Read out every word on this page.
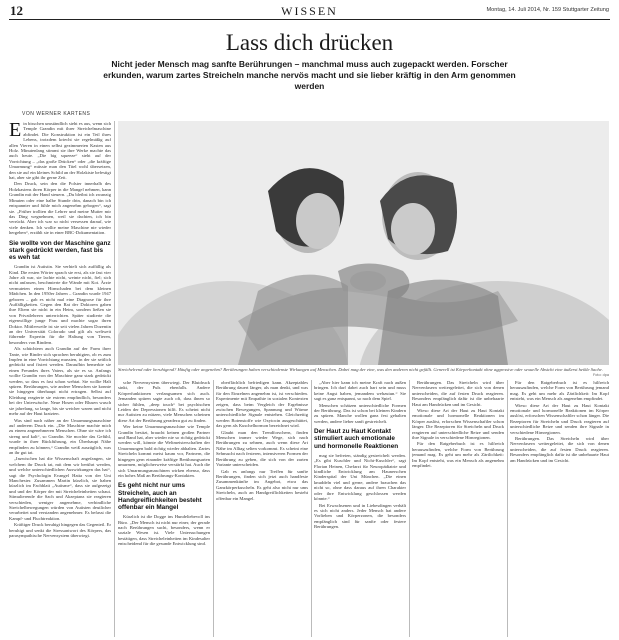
12	WISSEN	Montag, 14. Juli 2014, Nr. 159 Stuttgarter Zeitung
Lass dich drücken
Nicht jeder Mensch mag sanfte Berührungen – manchmal muss auch zugepackt werden. Forscher erkunden, warum zartes Streicheln manche nervös macht und sie lieber kräftig in den Arm genommen werden
VON WERNER KARTENS
E in bisschen umständlich sieht es aus, wenn sich Temple Grandin mit ihrer Streichelmaschine abfindet. Die Konstruktion ist ein Teil ihres Lebens, trotzdem kriecht sie regelmäßig auf allen Vieren in einen selbst gezimmerten Kasten aus Holz. Minutenlang stimmt sie ihre Werke machte das auch heute. „Die big squeeze“ steht auf der Vorrichtung – „das große Drücken“ oder „die kräftige Umarmung“ müsste man den Titel wohl übersetzen, den sie auf ein kleines Schild an der Holzkiste befestigt hat, aber sie gibt ihr gerne Zeit.

Den Druck, sein den die Polster innerhalb des Holzkastens ihren Körper in die Mangel nehmen, kann Grandin mit der Hand steuern. „Du bleibst ich zwanzig Minuten oder eine halbe Stunde drin, danach bin ich entspannter und fühle mich angenehm gebogen“, sagt sie. „Früher trollten die Lehrer und meine Mutter mir das Ding wegnehmen, weil sie dachten, ich bin verrückt. Aber ich war so nicht versessen darauf, wie viele denken. Ich wollte meine Maschine nie wieder hergeben“, erzählt sie in einer BBC-Dokumentation.

Sie wollte von der Maschine ganz stark gedrückt werden, fast bis es weh tat

Grandin ist Autistin. Sie verhielt sich auffällig als Kind. Die ersten Wörter sprach sie erst, als sie fast vier Jahre alt war, sie lachte nicht, weinte nicht, fiel; sich nicht anfassen, beschmierte die Wände mit Kot. Ärzte vermuteten einen Hirnschaden bei dem kleinen Mädchen. In den 1950er Jahren – Grandin wurde 1947 geboren – gab es nicht mal eine Diagnose für ihre Auffälligkeiten. Gegen den Rat der Doktoren gaben ihre Eltern sie nicht in ein Heim, sondern ließen sie von Privatlehrern unterrichten. Später studierte die eigenwillige junge Frau und machte sogar ihren Doktor. Mittlerweile ist sie seit vielen Jahren Dozentin an der Universität Colorado und gilt als weltweit führende Expertin für die Haltung von Tieren, besonders von Rindern.

Als schüchtern auch Grandin auf der Farm ihrer Tante, wie Rinder sich sprachen beruhigten, ob es zum Impfen in eine Vorrichtung mussten, in der sie seitlich gedrückt und fixiert werden. Daraufhin bemerkte sie einen Freundes ihres Vaters, als sie es so. Anfangs wollte Grandin von der Maschine ganz stark gedrückt werden, so dass es fast schon wehtat. Sie wollte Halt spüren. Berührungen, wie andere Menschen sie konnte sie hingegen überhaupt nicht ertragen. Selbst auf Kleidung reagierte sie extrem empfindlich, besonders bei der Unterwäsche. Neue Hosen oder Blusen wusch sie jahrelang, so lange, bis sie weicher waren und nicht mehr auf der Haut kratzten.

Was sind nach näher an der Umarmungsmaschine auf anderem Druck ein. „Die Maschine machte mich zu einem angenehmeren Menschen. Ohne sie wäre ich streng und kalt“, so Grandin. Sie mochte das Gefühl, wurde in ihrer Rückführung, ein Überhaupt Nähe empfinden zu können,“ Grandin weiß auszüglich, was an ihr gut tat.

„Inzwischen hat die Wissenschaft angefangen, sie welchem ihr Druck tat, mit dem wir berührt werden, und welche unterschiedlichen Auswirkungen das hat“, sagt die Psychologin Evangel Hatta von der Uni Manchester. Zusammen Martin kürzlich, sie haben kürzlich im Fachblatt „Autisme“, dass sie aufgezeigt und und der Körper der mit Streicheleinheiten schaut. Stimulierende die Sach und Akzeptanz sie reagieren verschieden, weniger angenehme, verbindliche Streichelbewegungen würden von Autisten deutlicher verarbeitet und verstanden angenehmer. Es befasst die Kampf- und Fluchtreaktion.

Kräftiger Druck beruhigt hingegen das Gegenteil. Er beruhigt und senkt die Stressantwort des Körpers, das parasympathische Nervensystem überwiegt.

Streichelrend oder beruhigend? Häufig oder angenehm? Berührungen haben verschiedenste Wirkungen auf Menschen. Dabei mag der eine, was den anderen nicht gefällt. Generell ist Körperkontakt ohne aggressive oder sexuelle Absicht eine äußerst heikle Sache.
Foto: dpa

sche Nervensystem überwiegt. Der Blutdruck sinkt, der Puls ebenfalls. Andere Körperfunktionen verlangsamen sich auch. Jemanden spüren sagte auch oft, dass ihnen so sicher fühlen, „deep touch“ bei psychischen Leiden der Depressionen hilft. Es scheint nicht nur Autisten zu nützen, viele Menschen scheinen diese Art der Berührung geradezu gut zu finden.

Wer keine Umarmungsmaschine wie Temple Grandin besitzt, braucht keinen großen Partner und Band hat, aber wieder nie so richtig gedrückt werden will, könnte die Weltmeisterschaften der Umarmungen bald richtig wieder abhalten. Zartes Streicheln kommt meist kaum vor, Partnern, die hingegen gern einander kräftige Berührungsarten umarmen, möglicherweise verstärkt hat. Auch die sich Umarmungsmaschinen wirken ebenso, dass ein hohes Maß an Berührungs-Kontakten.

Es geht nicht nur ums Streicheln, auch an Handgreiflichkeiten besteht offenbar ein Mangel

Kürzlich ist die Dogge ins Hundeliebevoll ins Büro. „Der Mensch ist nicht nur einer, der gerade nach Berührungen sucht, besonders, wenn er soziale Wesen ist. Viele Untersuchungen bestätigen, dass Streicheleinheiten im Kindesalter entscheidend für die gesunde Entwicklung sind.

oberflächlich befriedigen kann. Akzeptables Berührung dauert länger, als man denkt, und was für den Einzelnen angenehm ist, ist verschieden. Experimente mit Empathie in sozialen Kontexten zeigen, dass beim Vergleich der Ergebnisse zwischen Bewegungen, Spannung und Wärme unterschiedliche Signale entstehen. Gleichzeitig werden Botenstoffe wie Oxytocin ausgeschüttet, das gern als Kuschelhormon bezeichnet wird.

Glaubt man den Trendforschern, finden Menschen immer wieder Wege, sich nach Berührungen zu sehnen, auch wenn diese Art Nähe im Alltag selten vorkommt. Es scheint eine Sehnsucht nach festeren, intensiveren Formen der Berührung zu geben, die sich von der zarten Variante unterscheiden.

Gab es anfangs nur Treffen für sanfte Berührungen, finden sich jetzt auch handfeste Zusammenkünfte im Angebot, etwa das Ganzkörperkuscheln. Es geht also nicht nur ums Streicheln, auch an Handgreiflichkeiten besteht offenbar ein Mangel.

„Aber hier kann ich meine Kraft nach außen bringen. Ich darf dabei auch hart sein und muss keine Angst haben, jemandem wehzutun.“ Sie sagt es ganz entspannt, so nach dem Spiel.

Menschen schätzen unterschiedliche Formen der Berührung. Das ist schon bei kleinen Kindern zu spüren. Manche wollen ganz fest gehalten werden, andere lieber sanft gestreichelt.

Der Haut zu Haut Kontakt stimuliert auch emotionale und hormonelle Reaktionen

mag sie befreien, ständig gestreichelt werden. „Es gibt Kuschler und Nicht-Kuschler“, sagt Florian Heinen, Chefarzt für Neuropädiatrie und kindliche Entwicklung am Haunerschen Kinderspital der Uni München. „Die einen knuddeln viel und gerne, andere brauchen das nicht so, ohne dass daraus auf ihren Charakter oder ihre Entwicklung geschlossen werden könnte.“

Bei Erwachsenen und in Liebesdingen verhält es sich nicht anders. Jeder Mensch hat andere Vorlieben und Körperzonen, die besonders empfänglich sind für sanfte oder festere Berührungen.

Berührungen. Das Streicheln wird über Nervenfasern weitergeleitet, die sich von denen unterscheiden, die auf festen Druck reagieren. Besonders empfänglich dafür ist die unbehaarte Haut am Handrücken und im Gesicht.

Wieso diese Art der Haut zu Haut Kontakt emotionale und hormonelle Reaktionen im Körper auslöst, erforschen Wissenschaftler schon länger. Die Rezeptoren für Streicheln und Druck reagieren auf unterschiedliche Reize und senden ihre Signale in verschiedene Hirnregionen.

Für den Ratgeberbuch ist es hilfreich herauszufinden, welche Form von Berührung jemand mag. Es geht um mehr als Zärtlichkeit: Im Kopf entsteht, was ein Mensch als angenehm empfindet.

Für den Ratgeberbuch ist es hilfreich herauszufinden, welche Form von Berührung jemand mag. Es geht um mehr als Zärtlichkeit: Im Kopf entsteht, was ein Mensch als angenehm empfindet.

Wieso diese Art der Haut zu Haut Kontakt emotionale und hormonelle Reaktionen im Körper auslöst, erforschen Wissenschaftler schon länger. Die Rezeptoren für Streicheln und Druck reagieren auf unterschiedliche Reize und senden ihre Signale in verschiedene Hirnregionen.

Berührungen. Das Streicheln wird über Nervenfasern weitergeleitet, die sich von denen unterscheiden, die auf festen Druck reagieren. Besonders empfänglich dafür ist die unbehaarte Haut am Handrücken und im Gesicht.
